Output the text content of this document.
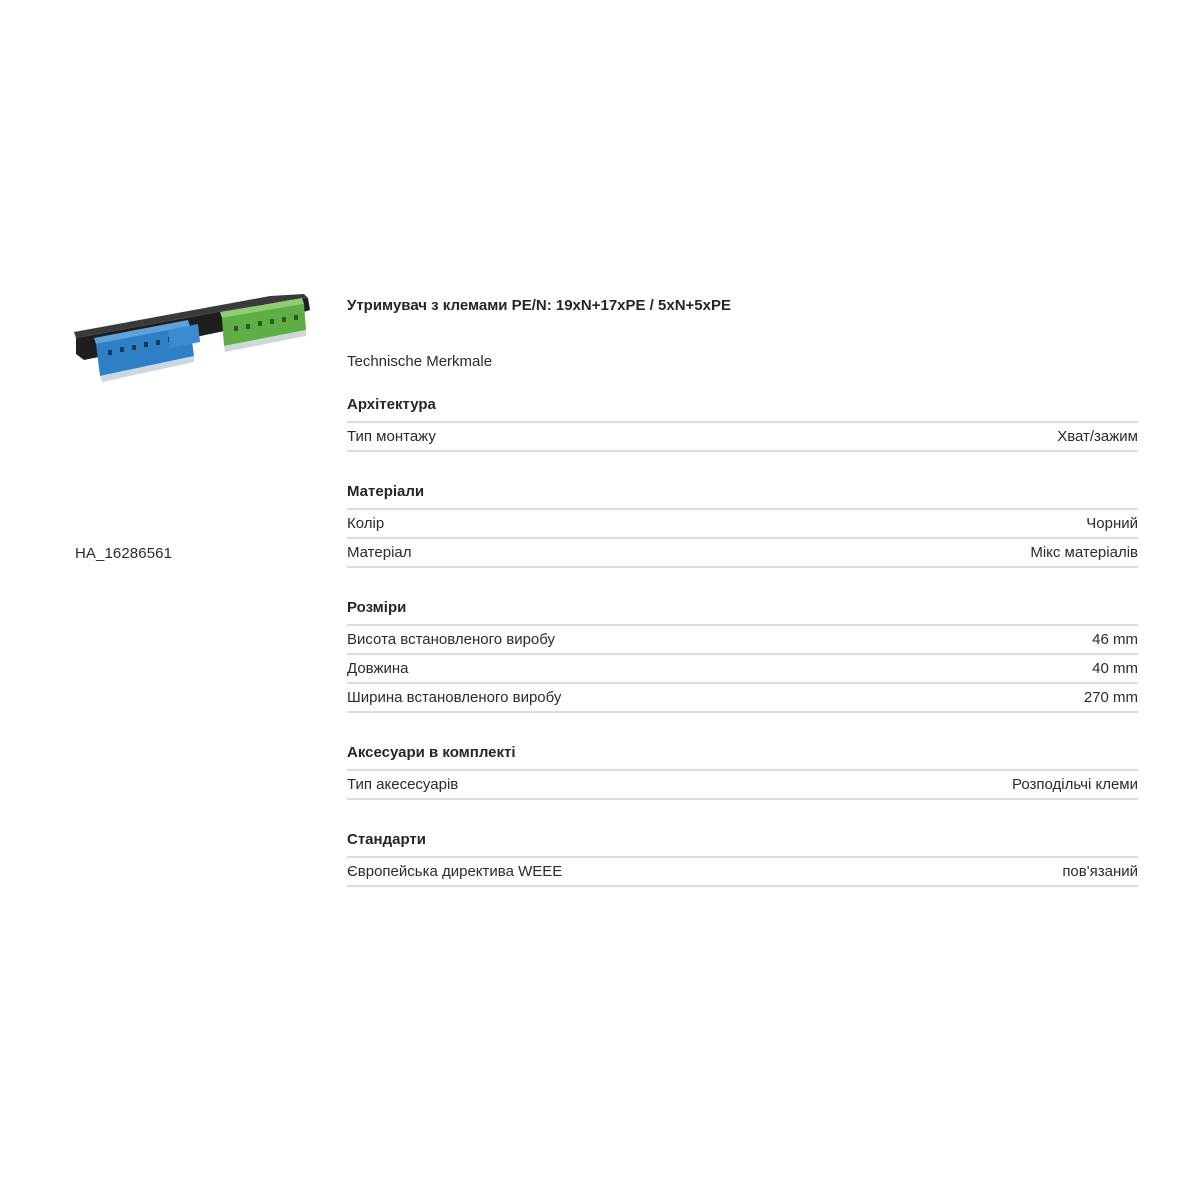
HA_16286561
Утримувач з клемами PE/N: 19xN+17xPE / 5xN+5xPE
Technische Merkmale
Архітектура
Тип монтажу	Хват/зажим
Матеріали
Колір	Чорний
Матеріал	Мікс матеріалів
Розміри
Висота встановленого виробу	46 mm
Довжина	40 mm
Ширина встановленого виробу	270 mm
Аксесуари в комплекті
Тип акесесуарів	Розподільчі клеми
Стандарти
Європейська директива WEEE	пов'язаний
